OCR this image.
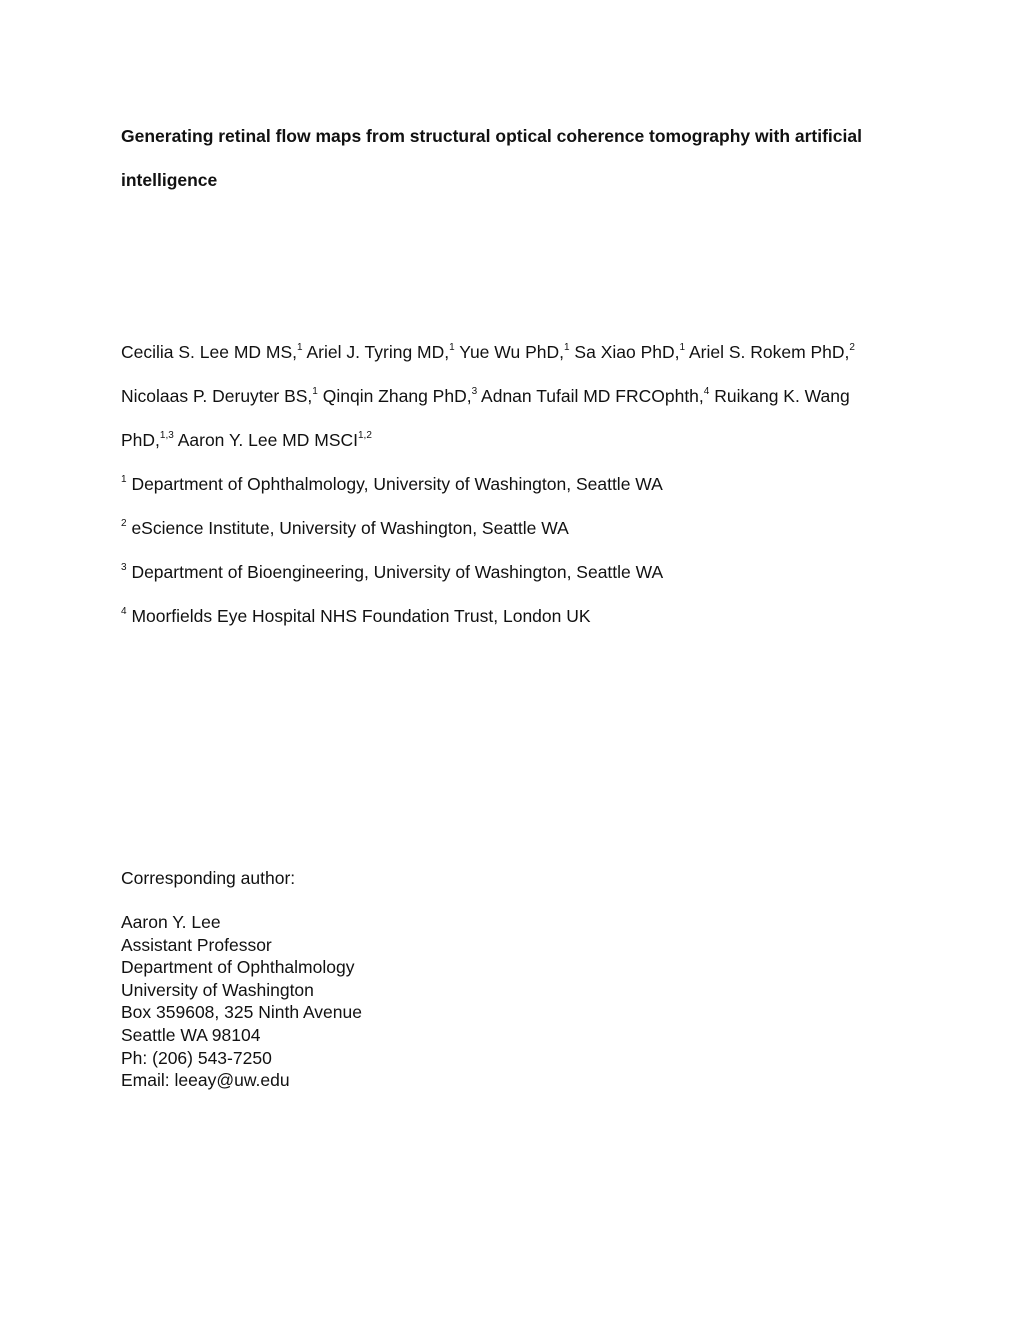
Generating retinal flow maps from structural optical coherence tomography with artificial intelligence
Cecilia S. Lee MD MS,$^1$ Ariel J. Tyring MD,$^1$ Yue Wu PhD,$^1$ Sa Xiao PhD,$^1$ Ariel S. Rokem PhD,$^2$
Nicolaas P. Deruyter BS,$^1$ Qinqin Zhang PhD,$^3$ Adnan Tufail MD FRCOphth,$^4$ Ruikang K. Wang
PhD,$^{1,3}$ Aaron Y. Lee MD MSCI$^{1,2}$
$^1$ Department of Ophthalmology, University of Washington, Seattle WA
$^2$ eScience Institute, University of Washington, Seattle WA
$^3$ Department of Bioengineering, University of Washington, Seattle WA
$^4$ Moorfields Eye Hospital NHS Foundation Trust, London UK
Corresponding author:
Aaron Y. Lee
Assistant Professor
Department of Ophthalmology
University of Washington
Box 359608, 325 Ninth Avenue
Seattle WA 98104
Ph: (206) 543-7250
Email: leeay@uw.edu
